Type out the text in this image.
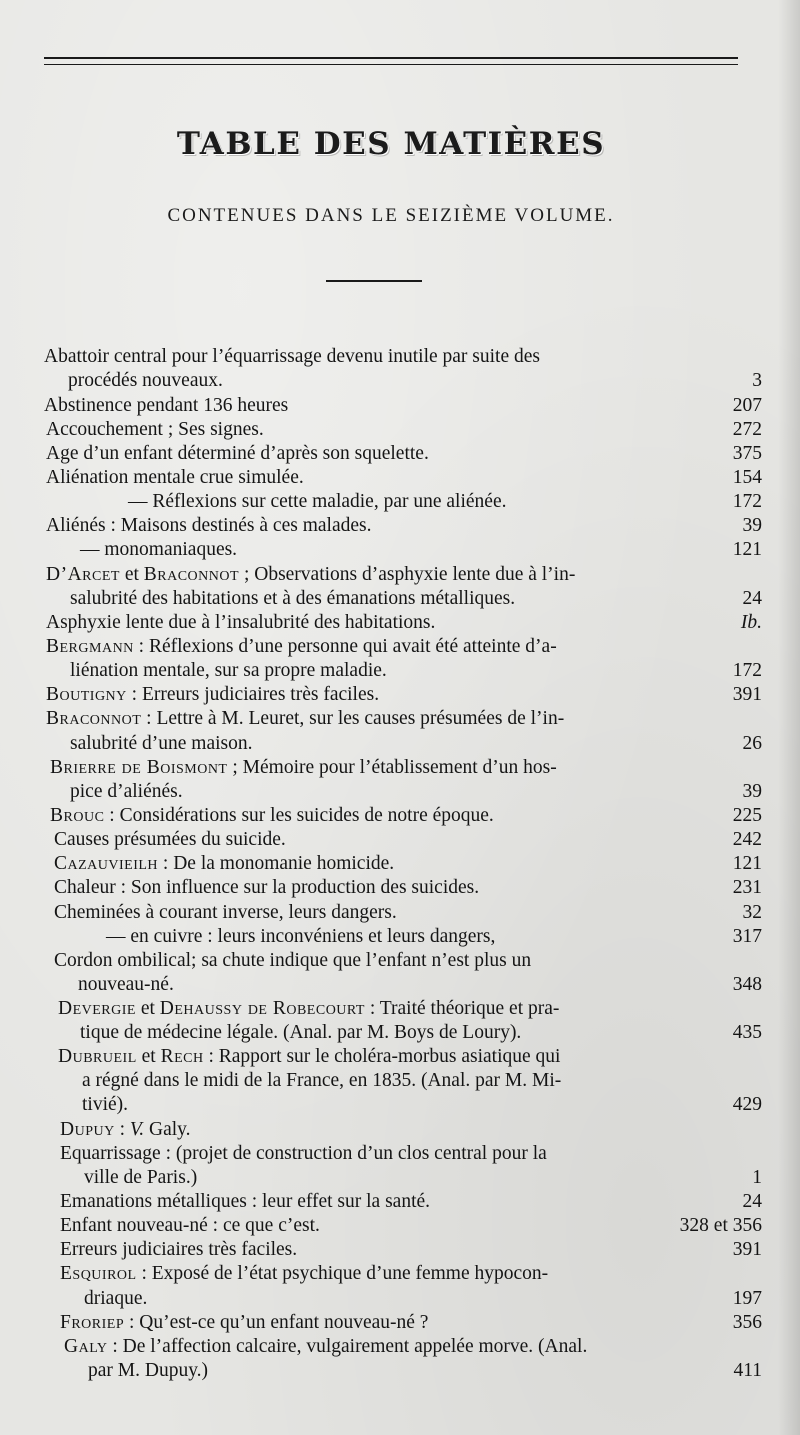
TABLE DES MATIÈRES
CONTENUES DANS LE SEIZIÈME VOLUME.
Abattoir central pour l’équarrissage devenu inutile par suite des
procédés nouveaux.	3
Abstinence pendant 136 heures	207
Accouchement ; Ses signes.	272
Age d’un enfant déterminé d’après son squelette.	375
Aliénation mentale crue simulée.	154
— Réflexions sur cette maladie, par une aliénée.	172
Aliénés : Maisons destinés à ces malades.	39
— monomaniaques.	121
D’Arcet et Braconnot ; Observations d’asphyxie lente due à l’in-
salubrité des habitations et à des émanations métalliques.	24
Asphyxie lente due à l’insalubrité des habitations.	Ib.
Bergmann : Réflexions d’une personne qui avait été atteinte d’a-
liénation mentale, sur sa propre maladie.	172
Boutigny : Erreurs judiciaires très faciles.	391
Braconnot : Lettre à M. Leuret, sur les causes présumées de l’in-
salubrité d’une maison.	26
Brierre de Boismont ; Mémoire pour l’établissement d’un hos-
pice d’aliénés.	39
Brouc : Considérations sur les suicides de notre époque.	225
Causes présumées du suicide.	242
Cazauvieilh : De la monomanie homicide.	121
Chaleur : Son influence sur la production des suicides.	231
Cheminées à courant inverse, leurs dangers.	32
— en cuivre : leurs inconvéniens et leurs dangers,	317
Cordon ombilical; sa chute indique que l’enfant n’est plus un
nouveau-né.	348
Devergie et Dehaussy de Robecourt : Traité théorique et pra-
tique de médecine légale. (Anal. par M. Boys de Loury).	435
Dubrueil et Rech : Rapport sur le choléra-morbus asiatique qui
a régné dans le midi de la France, en 1835. (Anal. par M. Mi-
tivié).	429
Dupuy : V. Galy.
Equarrissage : (projet de construction d’un clos central pour la
ville de Paris.)	1
Emanations métalliques : leur effet sur la santé.	24
Enfant nouveau-né : ce que c’est.	328 et 356
Erreurs judiciaires très faciles.	391
Esquirol : Exposé de l’état psychique d’une femme hypocon-
driaque.	197
Froriep : Qu’est-ce qu’un enfant nouveau-né ?	356
Galy : De l’affection calcaire, vulgairement appelée morve. (Anal.
par M. Dupuy.)	411
